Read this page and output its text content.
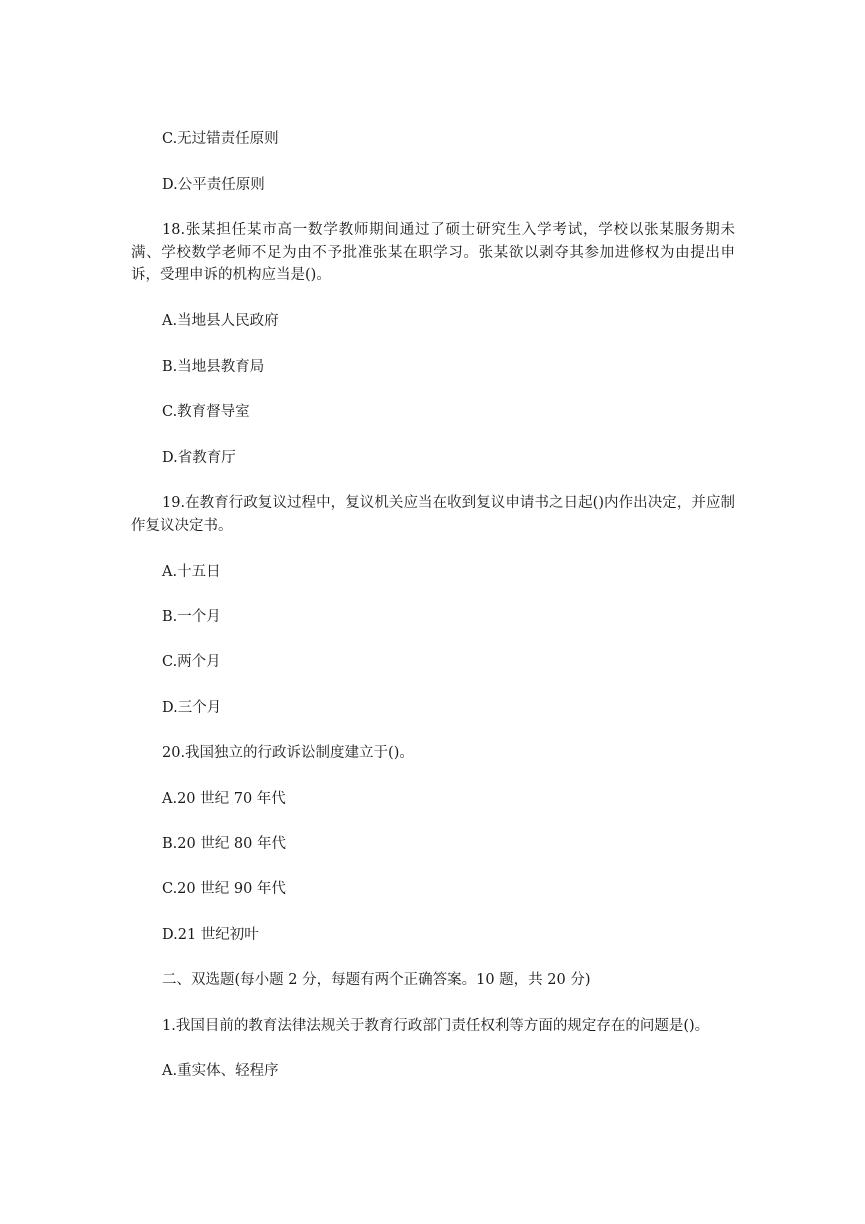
C.无过错责任原则
D.公平责任原则
18.张某担任某市高一数学教师期间通过了硕士研究生入学考试，学校以张某服务期未满、学校数学老师不足为由不予批准张某在职学习。张某欲以剥夺其参加进修权为由提出申诉，受理申诉的机构应当是()。
A.当地县人民政府
B.当地县教育局
C.教育督导室
D.省教育厅
19.在教育行政复议过程中，复议机关应当在收到复议申请书之日起()内作出决定，并应制作复议决定书。
A.十五日
B.一个月
C.两个月
D.三个月
20.我国独立的行政诉讼制度建立于()。
A.20 世纪 70 年代
B.20 世纪 80 年代
C.20 世纪 90 年代
D.21 世纪初叶
二、双选题(每小题 2 分，每题有两个正确答案。10 题，共 20 分)
1.我国目前的教育法律法规关于教育行政部门责任权利等方面的规定存在的问题是()。
A.重实体、轻程序
